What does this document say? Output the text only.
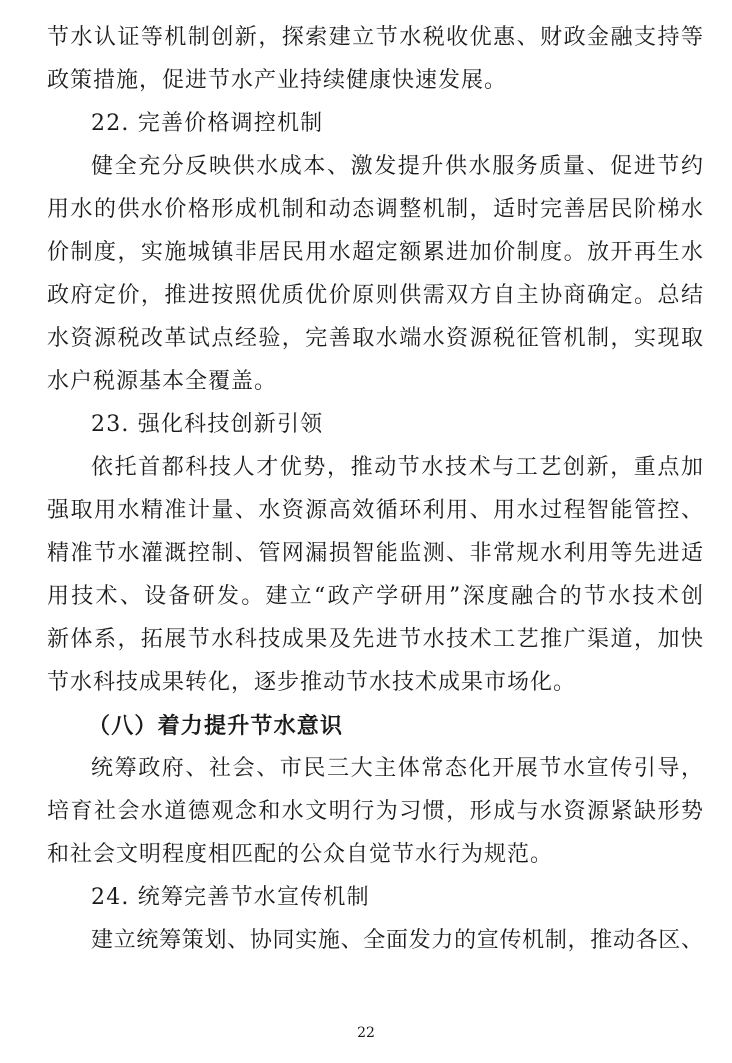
节水认证等机制创新，探索建立节水税收优惠、财政金融支持等
政策措施，促进节水产业持续健康快速发展。
22. 完善价格调控机制
健全充分反映供水成本、激发提升供水服务质量、促进节约
用水的供水价格形成机制和动态调整机制，适时完善居民阶梯水
价制度，实施城镇非居民用水超定额累进加价制度。放开再生水
政府定价，推进按照优质优价原则供需双方自主协商确定。总结
水资源税改革试点经验，完善取水端水资源税征管机制，实现取
水户税源基本全覆盖。
23. 强化科技创新引领
依托首都科技人才优势，推动节水技术与工艺创新，重点加
强取用水精准计量、水资源高效循环利用、用水过程智能管控、
精准节水灌溉控制、管网漏损智能监测、非常规水利用等先进适
用技术、设备研发。建立“政产学研用”深度融合的节水技术创
新体系，拓展节水科技成果及先进节水技术工艺推广渠道，加快
节水科技成果转化，逐步推动节水技术成果市场化。
（八）着力提升节水意识
统筹政府、社会、市民三大主体常态化开展节水宣传引导，
培育社会水道德观念和水文明行为习惯，形成与水资源紧缺形势
和社会文明程度相匹配的公众自觉节水行为规范。
24. 统筹完善节水宣传机制
建立统筹策划、协同实施、全面发力的宣传机制，推动各区、
22
